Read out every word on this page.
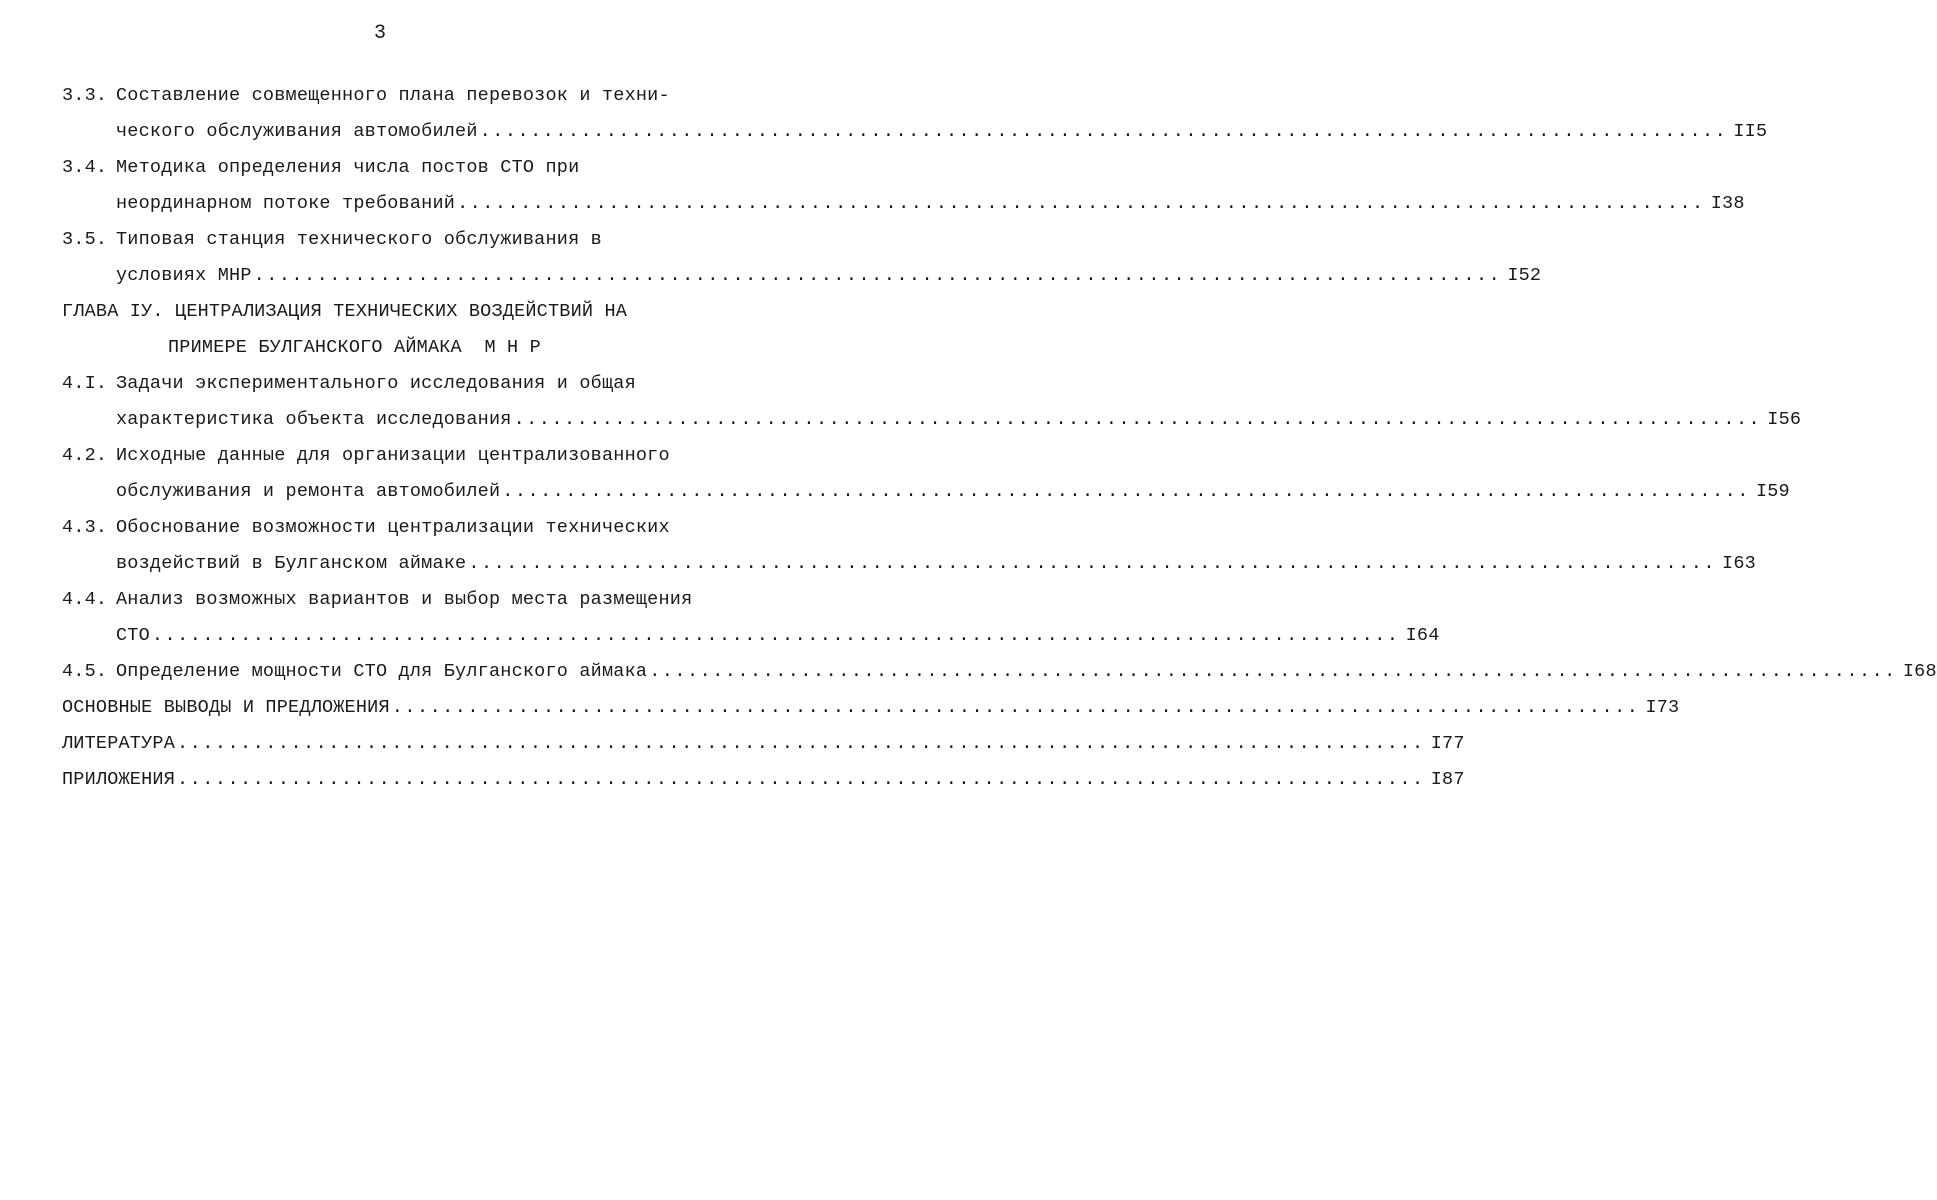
3
3.3. Составление совмещенного плана перевозок и техни-
ческого обслуживания автомобилей ................................................................................................... II5
3.4. Методика определения числа постов СТО при
неординарном потоке требований ................................................................................................... I38
3.5. Типовая станция технического обслуживания в
условиях МНР ................................................................................................... I52
ГЛАВА IУ. ЦЕНТРАЛИЗАЦИЯ ТЕХНИЧЕСКИХ ВОЗДЕЙСТВИЙ НА
ПРИМЕРЕ БУЛГАНСКОГО АЙМАКА  М Н Р
4.I. Задачи экспериментального исследования и общая
характеристика объекта исследования ................................................................................................... I56
4.2. Исходные данные для организации централизованного
обслуживания и ремонта автомобилей ................................................................................................... I59
4.3. Обоснование возможности централизации технических
воздействий в Булганском аймаке ................................................................................................... I63
4.4. Анализ возможных вариантов и выбор места размещения
СТО ................................................................................................... I64
4.5. Определение мощности СТО для Булганского аймака ................................................................................................... I68
ОСНОВНЫЕ ВЫВОДЫ И ПРЕДЛОЖЕНИЯ ................................................................................................... I73
ЛИТЕРАТУРА ................................................................................................... I77
ПРИЛОЖЕНИЯ ................................................................................................... I87
